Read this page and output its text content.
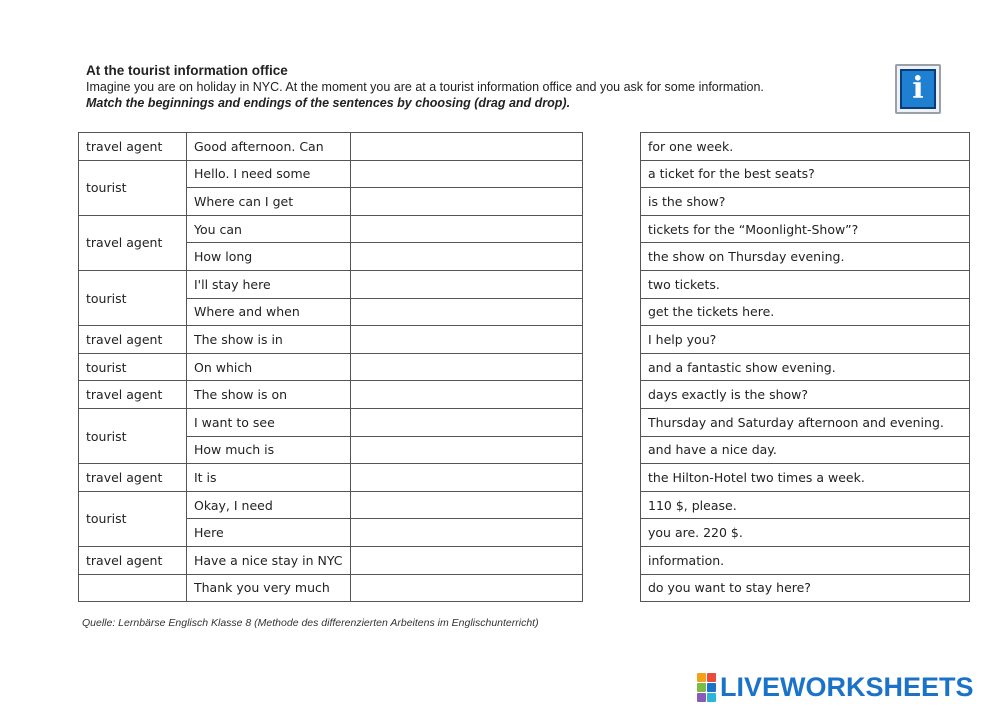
At the tourist information office
Imagine you are on holiday in NYC. At the moment you are at a tourist information office and you ask for some information.
Match the beginnings and endings of the sentences by choosing (drag and drop).	i
travel agent	Good afternoon. Can	

tourist	Hello. I need some	

	Where can I get	

travel agent	You can	

	How long	

tourist	I'll stay here	

	Where and when	

travel agent	The show is in	

tourist	On which	

travel agent	The show is on	

tourist	I want to see	

	How much is	

travel agent	It is	

tourist	Okay, I need	

	Here	

travel agent	Have a nice stay in NYC	

	Thank you very much	
for one week.
a ticket for the best seats?
is the show?
tickets for the “Moonlight-Show”?
the show on Thursday evening.
two tickets.
get the tickets here.
I help you?
and a fantastic show evening.
days exactly is the show?
Thursday and Saturday afternoon and evening.
and have a nice day.
the Hilton-Hotel two times a week.
110 $, please.
you are. 220 $.
information.
do you want to stay here?
Quelle: Lernbärse Englisch Klasse 8 (Methode des differenzierten Arbeitens im Englischunterricht)
LIVEWORKSHEETS
